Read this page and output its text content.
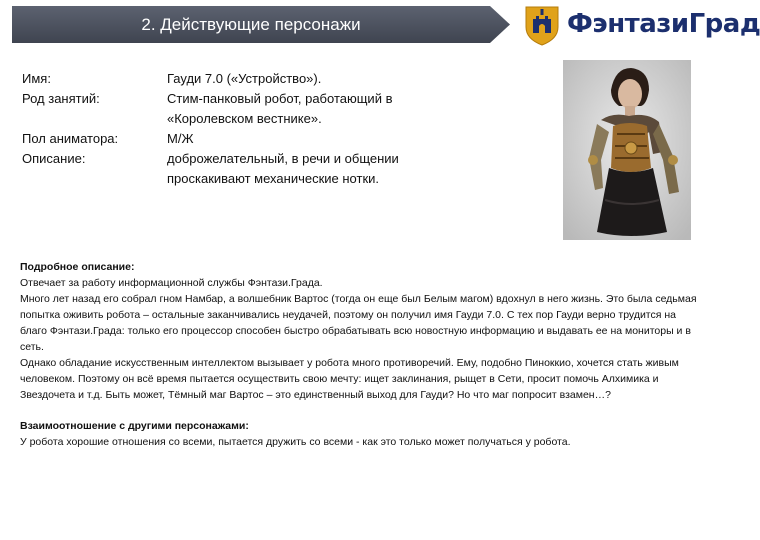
2. Действующие персонажи	ФэнтазиГрад
Имя:	Гауди 7.0 («Устройство»).
Род занятий:	Стим-панковый робот, работающий в «Королевском вестнике».
Пол аниматора:	М/Ж
Описание:	доброжелательный, в речи и общении проскакивают механические нотки.

Подробное описание:

Отвечает за работу информационной службы Фэнтази.Града.

Много лет назад его собрал гном Намбар, а волшебник Вартос (тогда он еще был Белым магом) вдохнул в него жизнь. Это была седьмая попытка оживить робота – остальные заканчивались неудачей, поэтому он получил имя Гауди 7.0. С тех пор Гауди верно трудится на благо Фэнтази.Града: только его процессор способен быстро обрабатывать всю новостную информацию и выдавать ее на мониторы и в сеть.

Однако обладание искусственным интеллектом вызывает у робота много противоречий. Ему, подобно Пиноккио, хочется стать живым человеком. Поэтому он всё время пытается осуществить свою мечту: ищет заклинания, рыщет в Сети, просит помочь Алхимика и Звездочета и т.д. Быть может, Тёмный маг Вартос – это единственный выход для Гауди? Но что маг попросит взамен…?

Взаимоотношение с другими персонажами:

У робота хорошие отношения со всеми, пытается дружить со всеми - как это только может получаться у робота.
